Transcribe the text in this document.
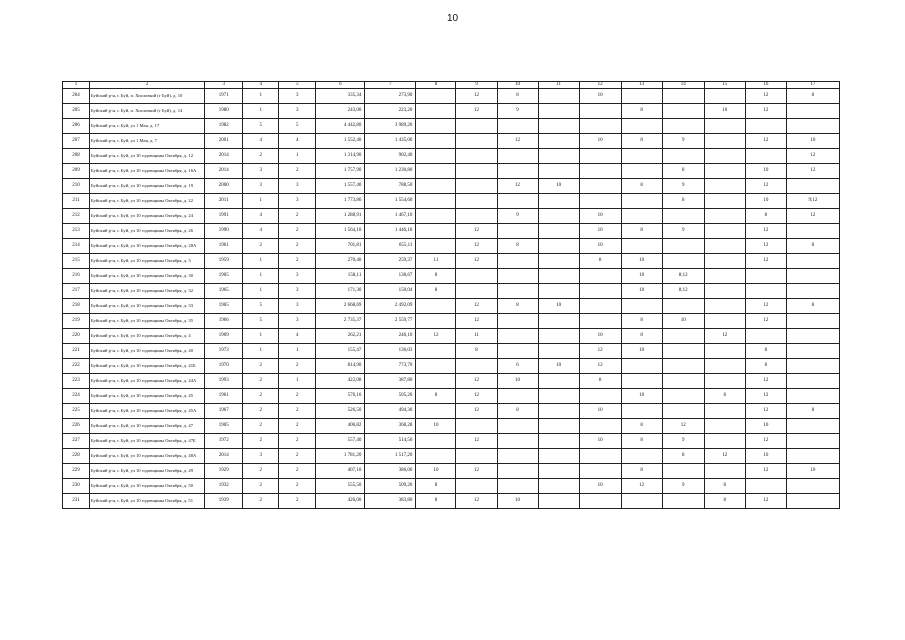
10
1	2	3	4	5	6	7	8	9	10	11	12	13	14	15	16	17
204	Буйский р-н, г. Буй, п. Хохловкой (г Буй), д. 10	1971	1	3	335,34	273,90		12	8		10				12	8
205	Буйский р-н, г. Буй, п. Хохловкой (г Буй), д. 14	1980	1	3	243,00	223,20		12	9			8		10	12	
206	Буйский р-н, г. Буй, ул 1 Мая, д. 17	1982	5	5	4 442,80	3 989,20										
207	Буйский р-н, г. Буй, ул 1 Мая, д. 7	2001	4	4	1 552,40	1 435,00			12		10	8	9		12	10
208	Буйский р-н, г. Буй, ул 10 годовщины Октября, д. 12	2014	2	1	1 314,90	902,40										12
209	Буйский р-н, г. Буй, ул 10 годовщины Октября, д. 16А	2014	3	2	1 757,90	1 230,80							8		10	12
210	Буйский р-н, г. Буй, ул 10 годовщины Октября, д. 19	2000	3	3	1 557,40	788,50			12	10		8	9		12	
211	Буйский р-н, г. Буй, ул 10 годовщины Октября, д. 22	2011	1	3	1 773,86	1 554,60							8		10	9;12
212	Буйский р-н, г. Буй, ул 10 годовщины Октября, д. 24	1991	4	2	1 288,91	1 467,10			9		10				8	12
213	Буйский р-н, г. Буй, ул 10 годовщины Октября, д. 26	1990	4	2	1 564,10	1 446,10		12			10	8	9		12	
214	Буйский р-н, г. Буй, ул 10 годовщины Октября, д. 28А	1961	2	2	701,81	655,11		12	8		10				12	8
215	Буйский р-н, г. Буй, ул 10 годовщины Октября, д. 3	1959	1	2	270,40	259,37	11	12			8	10			12	
216	Буйский р-н, г. Буй, ул 10 годовщины Октября, д. 30	1905	1	3	158,11	138,67	8					10	8;12			
217	Буйский р-н, г. Буй, ул 10 годовщины Октября, д. 32	1965	1	3	171,30	150,04	8					10	8;12			
218	Буйский р-н, г. Буй, ул 10 годовщины Октября, д. 33	1965	5	3	2 668,69	2 492,09		12	8	10					12	8
219	Буйский р-н, г. Буй, ул 10 годовщины Октября, д. 35	1966	5	3	2 735,37	2 559,77		12				8	10		12	
220	Буйский р-н, г. Буй, ул 10 годовщины Октября, д. 4	1909	1	4	262,21	246,10	12	11			10	8		12		
221	Буйский р-н, г. Буй, ул 10 годовщины Октября, д. 40	1973	1	1	155,47	136,03		8			12	10			8	
222	Буйский р-н, г. Буй, ул 10 годовщины Октября, д. 41Б	1970	2	2	814,90	773,70			6	10	12				8	
223	Буйский р-н, г. Буй, ул 10 годовщины Октября, д. 44А	1993	2	1	422,08	387,80		12	10		8				12	
224	Буйский р-н, г. Буй, ул 10 годовщины Октября, д. 45	1961	2	2	576,16	505,20	8	12				10		8	12	
225	Буйский р-н, г. Буй, ул 10 годовщины Октября, д. 45А	1967	2	2	526,50	494,30		12	8		10				12	8
226	Буйский р-н, г. Буй, ул 10 годовщины Октября, д. 47	1905	2	2	406,82	368,28	10					8	12		10	
227	Буйский р-н, г. Буй, ул 10 годовщины Октября, д. 47Б	1972	2	2	557,40	514,50		12			10	8	9		12	
228	Буйский р-н, г. Буй, ул 10 годовщины Октября, д. 48А	2014	3	2	1 781,20	1 517,20							8	12	10	
229	Буйский р-н, г. Буй, ул 10 годовщины Октября, д. 49	1929	2	2	407,10	386,00	10	12				8			12	10
230	Буйский р-н, г. Буй, ул 10 годовщины Октября, д. 50	1932	2	2	555,50	509,20	8				10	12	9	8		
231	Буйский р-н, г. Буй, ул 10 годовщины Октября, д. 51	1939	2	2	426,00	383,80	8	12	10					8	12	
